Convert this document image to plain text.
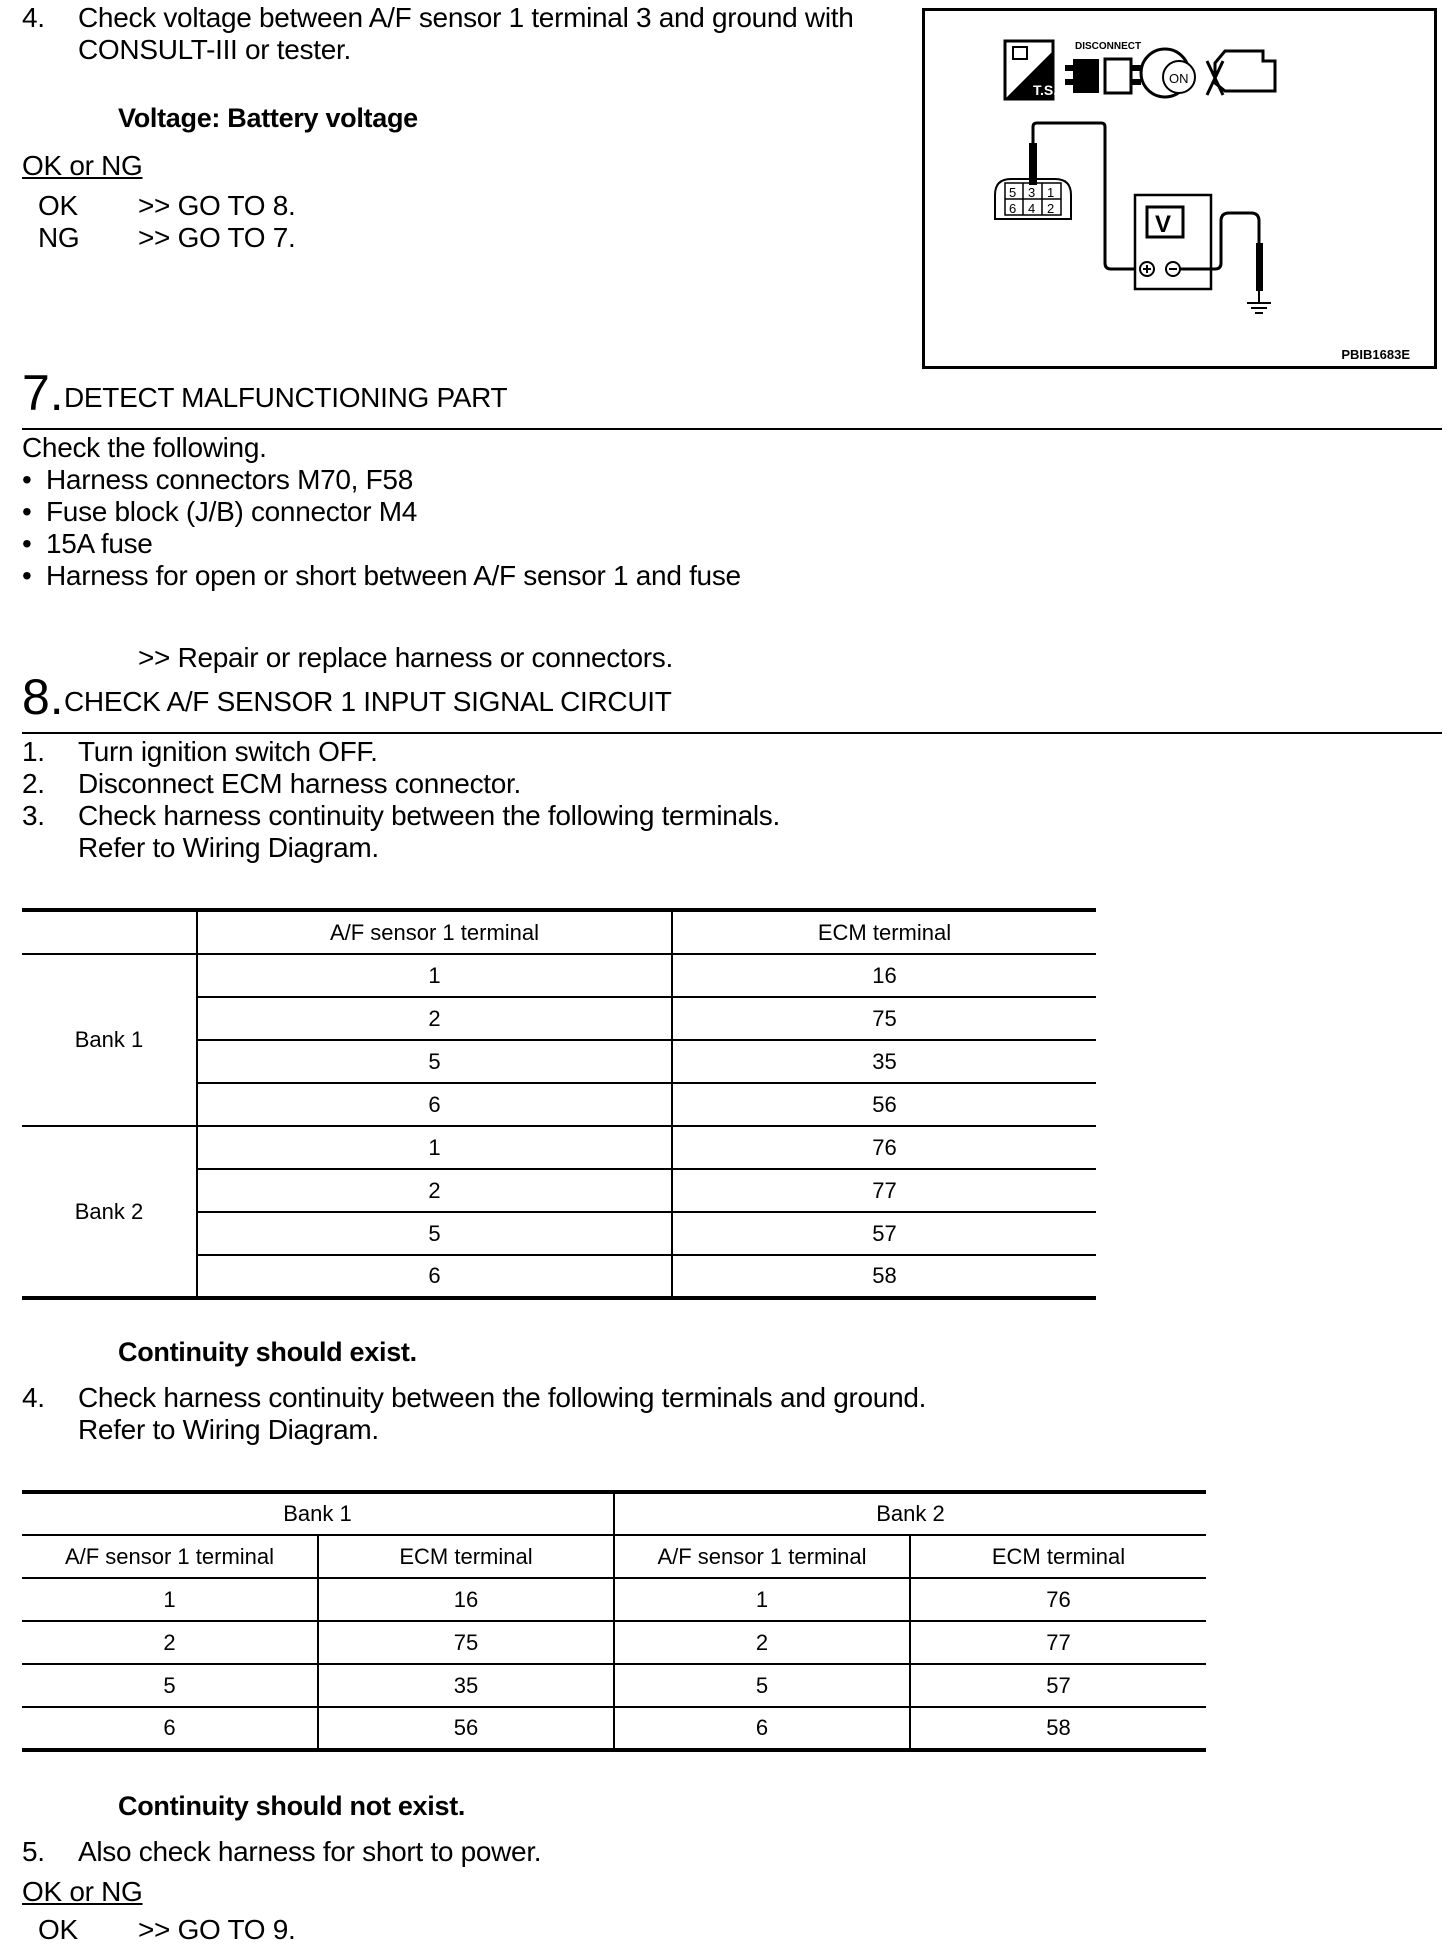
4. Check voltage between A/F sensor 1 terminal 3 and ground with
CONSULT-III or tester.
Voltage: Battery voltage
OK or NG
OK >> GO TO 8.
NG >> GO TO 7.
T.S.
DISCONNECT
ON
5 3 1
6 4 2
V
PBIB1683E
7. DETECT MALFUNCTIONING PART
Check the following.
• Harness connectors M70, F58
• Fuse block (J/B) connector M4
• 15A fuse
• Harness for open or short between A/F sensor 1 and fuse
>> Repair or replace harness or connectors.
8. CHECK A/F SENSOR 1 INPUT SIGNAL CIRCUIT
1. Turn ignition switch OFF.
2. Disconnect ECM harness connector.
3. Check harness continuity between the following terminals.
Refer to Wiring Diagram.
	A/F sensor 1 terminal	ECM terminal
Bank 1	1	16
	2	75
	5	35
	6	56
Bank 2	1	76
	2	77
	5	57
	6	58
Continuity should exist.
4. Check harness continuity between the following terminals and ground.
Refer to Wiring Diagram.
Bank 1		Bank 2	
A/F sensor 1 terminal	ECM terminal	A/F sensor 1 terminal	ECM terminal
1	16	1	76
2	75	2	77
5	35	5	57
6	56	6	58
Continuity should not exist.
5. Also check harness for short to power.
OK or NG
OK >> GO TO 9.
